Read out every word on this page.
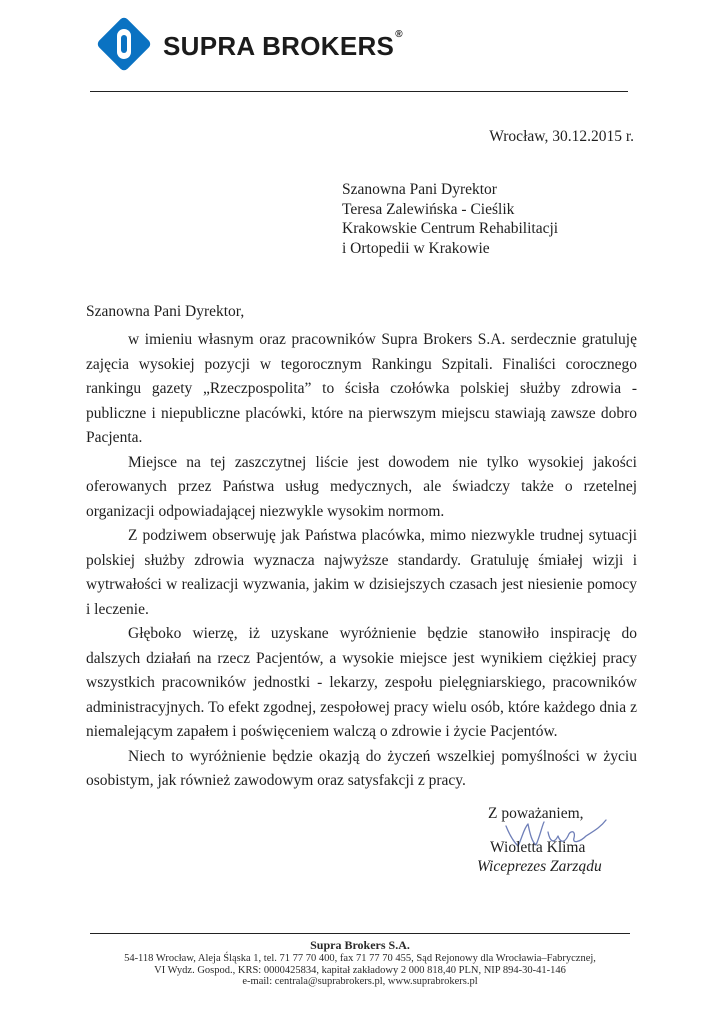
SUPRA BROKERS®
Wrocław, 30.12.2015 r.
Szanowna Pani Dyrektor
Teresa Zalewińska - Cieślik
Krakowskie Centrum Rehabilitacji
i Ortopedii w Krakowie
Szanowna Pani Dyrektor,

w imieniu własnym oraz pracowników Supra Brokers S.A. serdecznie gratuluję zajęcia wysokiej pozycji w tegorocznym Rankingu Szpitali. Finaliści corocznego rankingu gazety „Rzeczpospolita” to ścisła czołówka polskiej służby zdrowia - publiczne i niepubliczne placówki, które na pierwszym miejscu stawiają zawsze dobro Pacjenta.

Miejsce na tej zaszczytnej liście jest dowodem nie tylko wysokiej jakości oferowanych przez Państwa usług medycznych, ale świadczy także o rzetelnej organizacji odpowiadającej niezwykle wysokim normom.

Z podziwem obserwuję jak Państwa placówka, mimo niezwykle trudnej sytuacji polskiej służby zdrowia wyznacza najwyższe standardy. Gratuluję śmiałej wizji i wytrwałości w realizacji wyzwania, jakim w dzisiejszych czasach jest niesienie pomocy i leczenie.

Głęboko wierzę, iż uzyskane wyróżnienie będzie stanowiło inspirację do dalszych działań na rzecz Pacjentów, a wysokie miejsce jest wynikiem ciężkiej pracy wszystkich pracowników jednostki - lekarzy, zespołu pielęgniarskiego, pracowników administracyjnych. To efekt zgodnej, zespołowej pracy wielu osób, które każdego dnia z niemalejącym zapałem i poświęceniem walczą o zdrowie i życie Pacjentów.

Niech to wyróżnienie będzie okazją do życzeń wszelkiej pomyślności w życiu osobistym, jak również zawodowym oraz satysfakcji z pracy.

Z poważaniem,
Wioletta Klima
Wiceprezes Zarządu
Supra Brokers S.A.
54-118 Wrocław, Aleja Śląska 1, tel. 71 77 70 400, fax 71 77 70 455, Sąd Rejonowy dla Wrocławia–Fabrycznej,
VI Wydz. Gospod., KRS: 0000425834, kapitał zakładowy 2 000 818,40 PLN, NIP 894-30-41-146
e-mail: centrala@suprabrokers.pl, www.suprabrokers.pl
